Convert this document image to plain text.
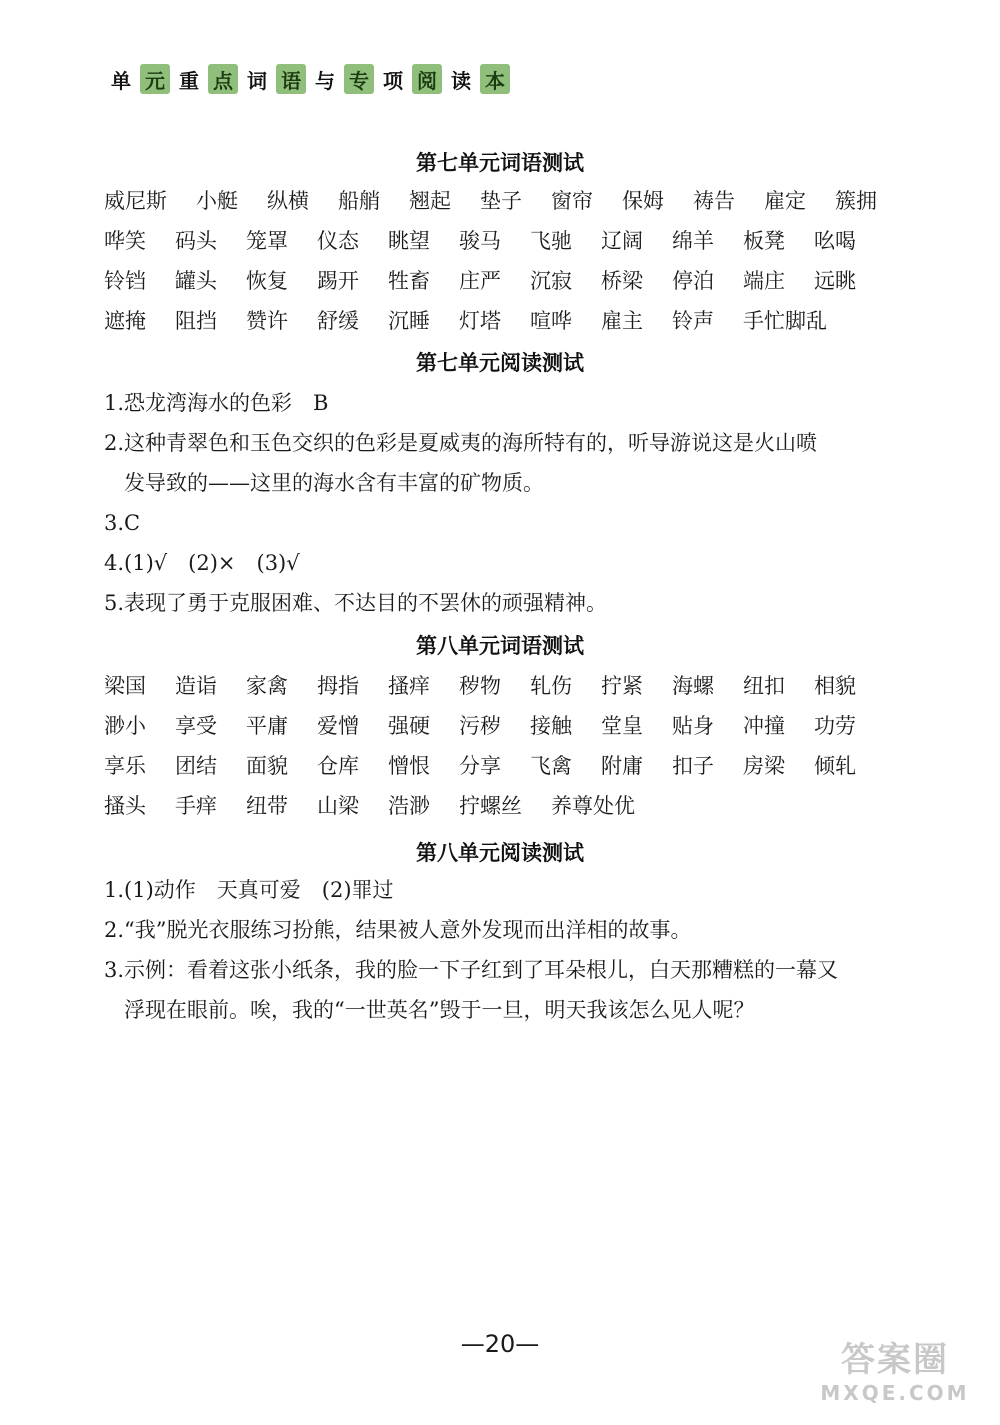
单 元 重 点 词 语 与 专 项 阅 读 本
第七单元词语测试
威尼斯 小艇 纵横 船艄 翘起 垫子 窗帘 保姆 祷告 雇定 簇拥
哗笑 码头 笼罩 仪态 眺望 骏马 飞驰 辽阔 绵羊 板凳 吆喝
铃铛 罐头 恢复 踢开 牲畜 庄严 沉寂 桥梁 停泊 端庄 远眺
遮掩 阻挡 赞许 舒缓 沉睡 灯塔 喧哗 雇主 铃声 手忙脚乱
第七单元阅读测试
1.恐龙湾海水的色彩　B
2.这种青翠色和玉色交织的色彩是夏威夷的海所特有的，听导游说这是火山喷
发导致的——这里的海水含有丰富的矿物质。
3.C
4.(1)√　(2)×　(3)√
5.表现了勇于克服困难、不达目的不罢休的顽强精神。
第八单元词语测试
梁国 造诣 家禽 拇指 搔痒 秽物 轧伤 拧紧 海螺 纽扣 相貌
渺小 享受 平庸 爱憎 强硬 污秽 接触 堂皇 贴身 冲撞 功劳
享乐 团结 面貌 仓库 憎恨 分享 飞禽 附庸 扣子 房梁 倾轧
搔头 手痒 纽带 山梁 浩渺 拧螺丝 养尊处优
第八单元阅读测试
1.(1)动作　天真可爱　(2)罪过
2.“我”脱光衣服练习扮熊，结果被人意外发现而出洋相的故事。
3.示例：看着这张小纸条，我的脸一下子红到了耳朵根儿，白天那糟糕的一幕又
浮现在眼前。唉，我的“一世英名”毁于一旦，明天我该怎么见人呢？
—20—	答案圈
MXQE.COM
